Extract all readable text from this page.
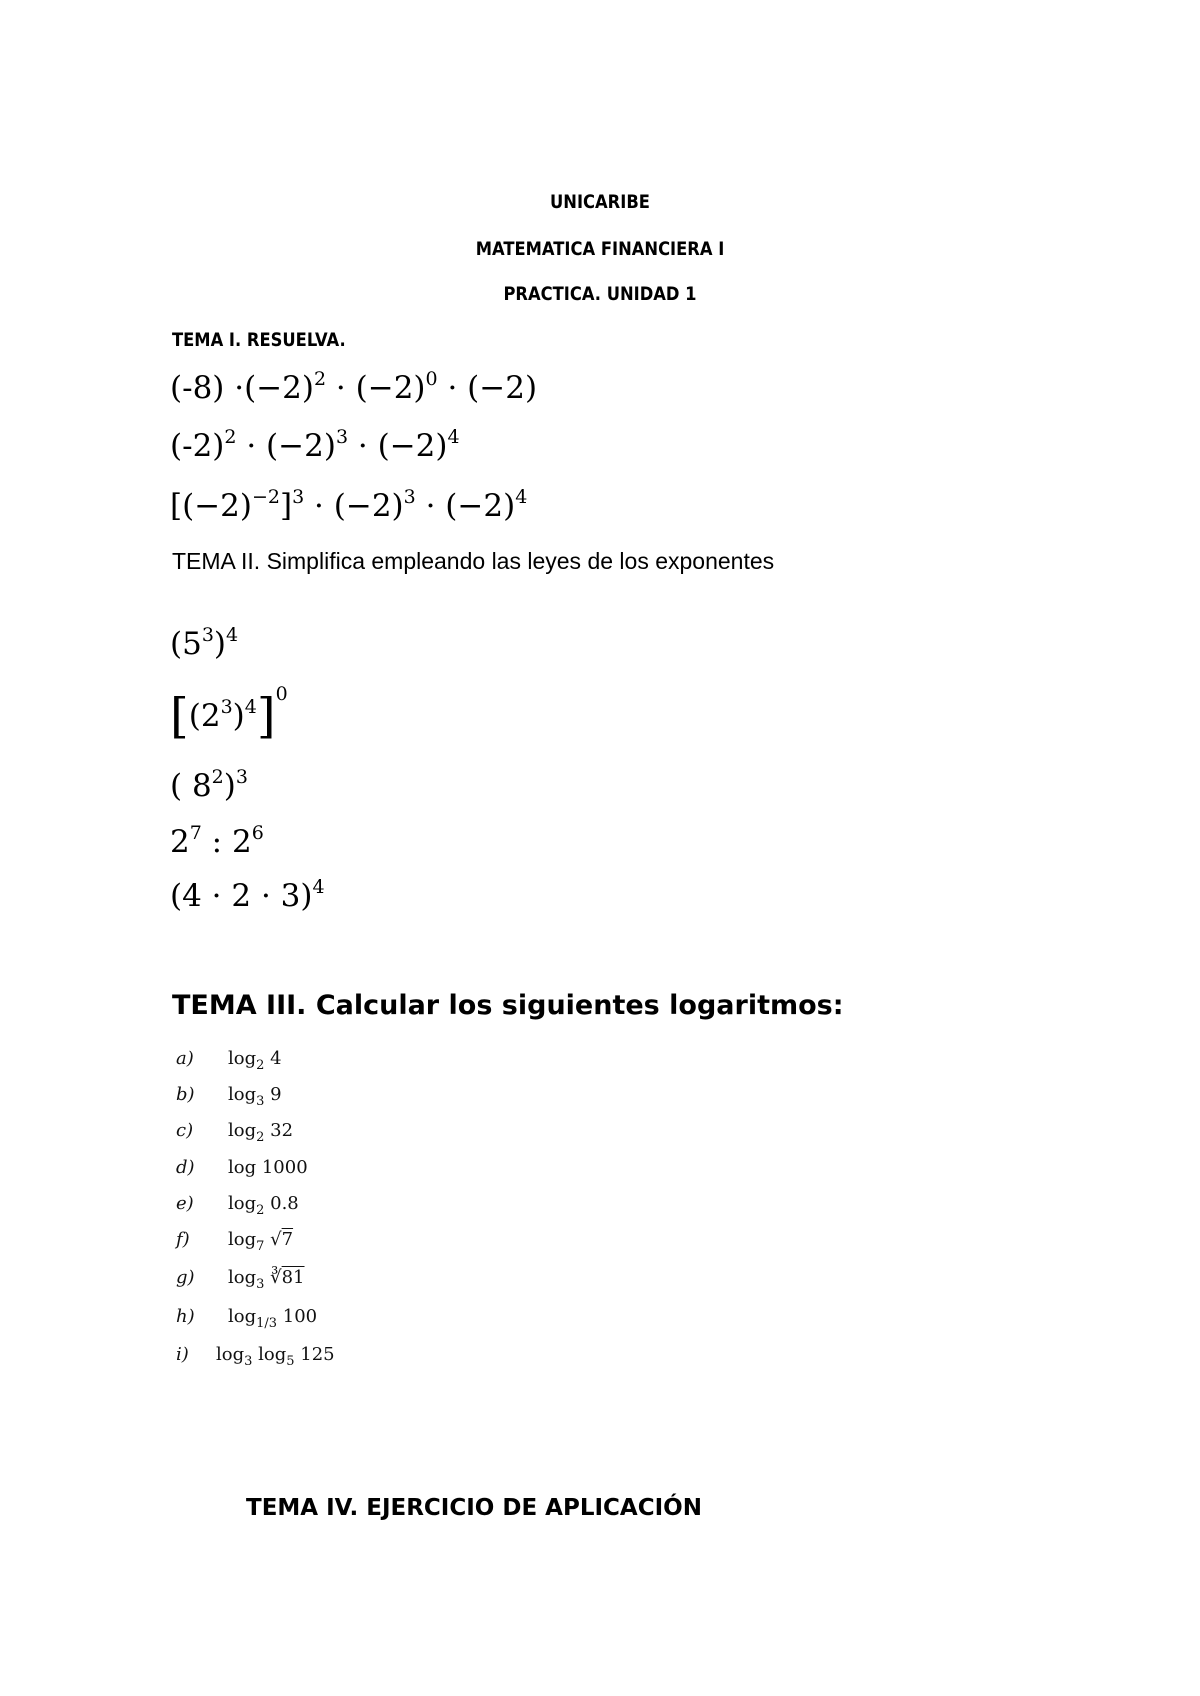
UNICARIBE
MATEMATICA FINANCIERA I
PRACTICA. UNIDAD 1
TEMA I. RESUELVA.
$(-8) \cdot(-2)^2 \cdot (-2)^0 \cdot (-2)$
$(-2)^2 \cdot (-2)^3 \cdot (-2)^4$
$[(-2)^{-2}]^3 \cdot (-2)^3 \cdot (-2)^4$
TEMA II. Simplifica empleando las leyes de los exponentes
$(5^3)^4$
$[(2^3)^4]^0$
( $8^2)^3$
$2^7$ : $2^6$
$(4 \cdot 2 \cdot 3)^4$
TEMA III. Calcular los siguientes logaritmos:
a) $\log_2 4$
b) $\log_3 9$
c) $\log_2 32$
d) log 1000
e) $\log_2 0.8$
f) $\log_7 √7$
g) $\log_3$ ∛81
h) $\log_{1/3} 100$
i) $\log_3 \log_5 125$
TEMA IV. EJERCICIO DE APLICACIÓN
